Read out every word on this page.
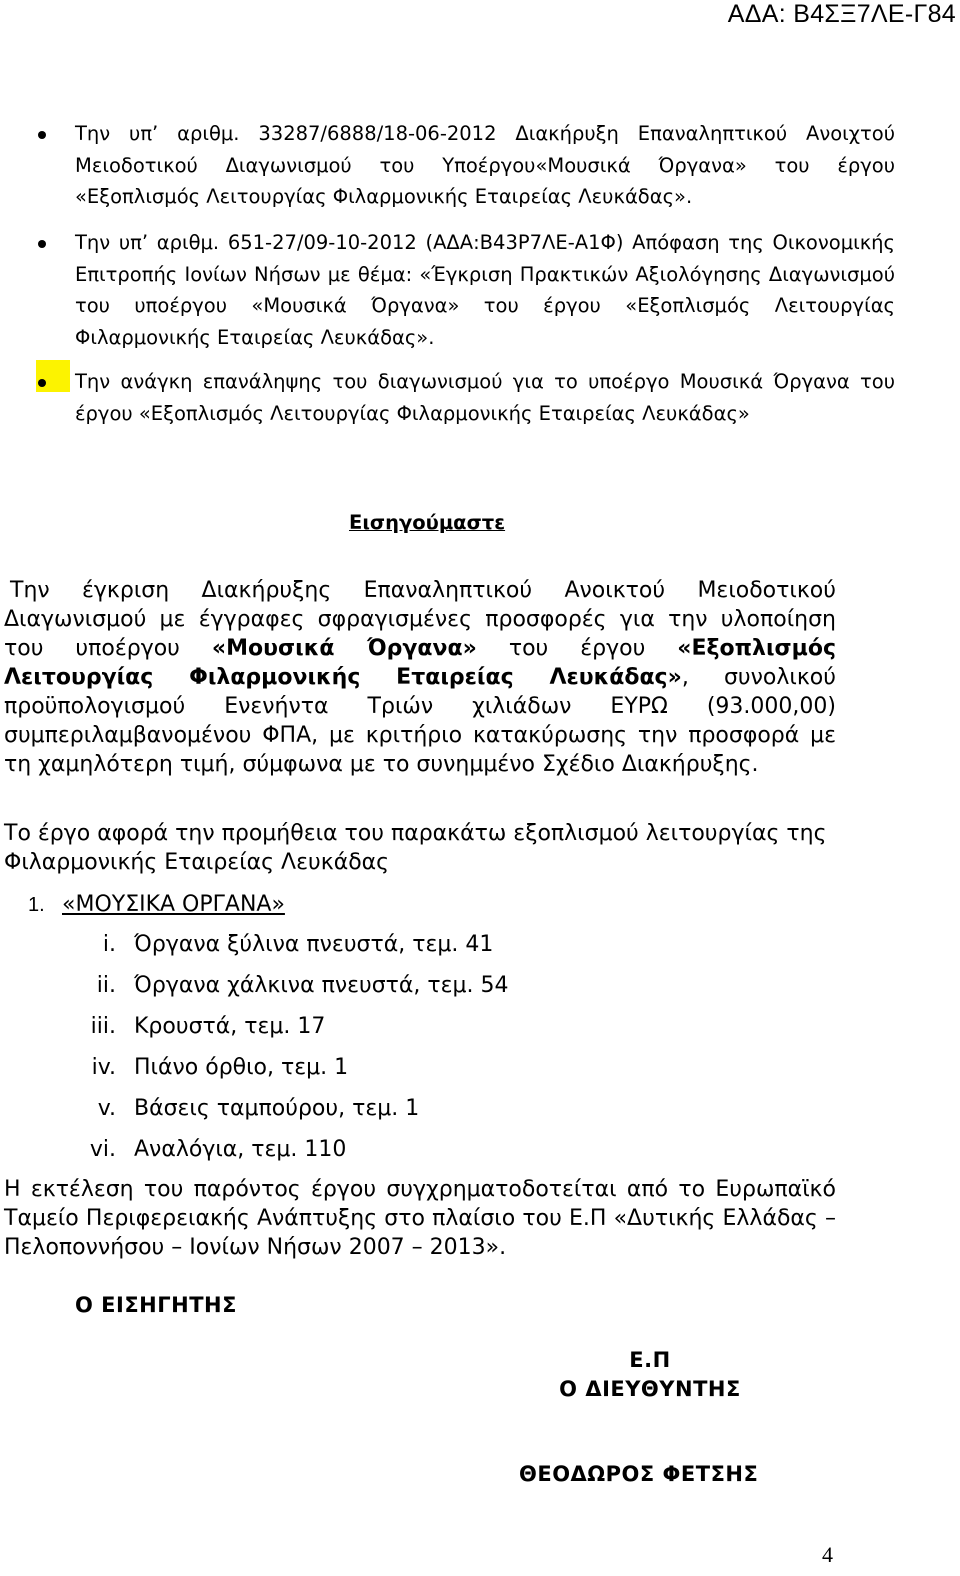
ΑΔΑ: Β4ΣΞ7ΛΕ-Γ84
Την υπ’ αριθμ. 33287/6888/18-06-2012 Διακήρυξη Επαναληπτικού Ανοιχτού Μειοδοτικού Διαγωνισμού του Υποέργου«Μουσικά Όργανα» του έργου «Εξοπλισμός Λειτουργίας Φιλαρμονικής Εταιρείας Λευκάδας».
Την υπ’ αριθμ. 651-27/09-10-2012 (ΑΔΑ:Β43Ρ7ΛΕ-Α1Φ) Απόφαση της Οικονομικής Επιτροπής Ιονίων Νήσων με θέμα: «Έγκριση Πρακτικών Αξιολόγησης Διαγωνισμού του υποέργου «Μουσικά Όργανα» του έργου «Εξοπλισμός Λειτουργίας Φιλαρμονικής Εταιρείας Λευκάδας».
Την ανάγκη επανάληψης του διαγωνισμού για το υποέργο Μουσικά Όργανα του έργου «Εξοπλισμός Λειτουργίας Φιλαρμονικής Εταιρείας Λευκάδας»
Εισηγούμαστε
Την έγκριση Διακήρυξης Επαναληπτικού Ανοικτού Μειοδοτικού Διαγωνισμού με έγγραφες σφραγισμένες προσφορές για την υλοποίηση του υποέργου «Μουσικά Όργανα» του έργου «Εξοπλισμός Λειτουργίας Φιλαρμονικής Εταιρείας Λευκάδας», συνολικού προϋπολογισμού Ενενήντα Τριών χιλιάδων ΕΥΡΩ (93.000,00) συμπεριλαμβανομένου ΦΠΑ, με κριτήριο κατακύρωσης την προσφορά με τη χαμηλότερη τιμή, σύμφωνα με το συνημμένο Σχέδιο Διακήρυξης.
Το έργο αφορά την προμήθεια του παρακάτω εξοπλισμού λειτουργίας της Φιλαρμονικής Εταιρείας Λευκάδας
1. «ΜΟΥΣΙΚΑ ΟΡΓΑΝΑ»
i. Όργανα ξύλινα πνευστά, τεμ. 41
ii. Όργανα χάλκινα πνευστά, τεμ. 54
iii. Κρουστά, τεμ. 17
iv. Πιάνο όρθιο, τεμ. 1
v. Βάσεις ταμπούρου, τεμ. 1
vi. Αναλόγια, τεμ. 110
Η εκτέλεση του παρόντος έργου συγχρηματοδοτείται από το Ευρωπαϊκό Ταμείο Περιφερειακής Ανάπτυξης στο πλαίσιο του Ε.Π «Δυτικής Ελλάδας – Πελοποννήσου – Ιονίων Νήσων 2007 – 2013».
Ο ΕΙΣΗΓΗΤΗΣ
Ε.Π
Ο ΔΙΕΥΘΥΝΤΗΣ
ΘΕΟΔΩΡΟΣ ΦΕΤΣΗΣ
4
